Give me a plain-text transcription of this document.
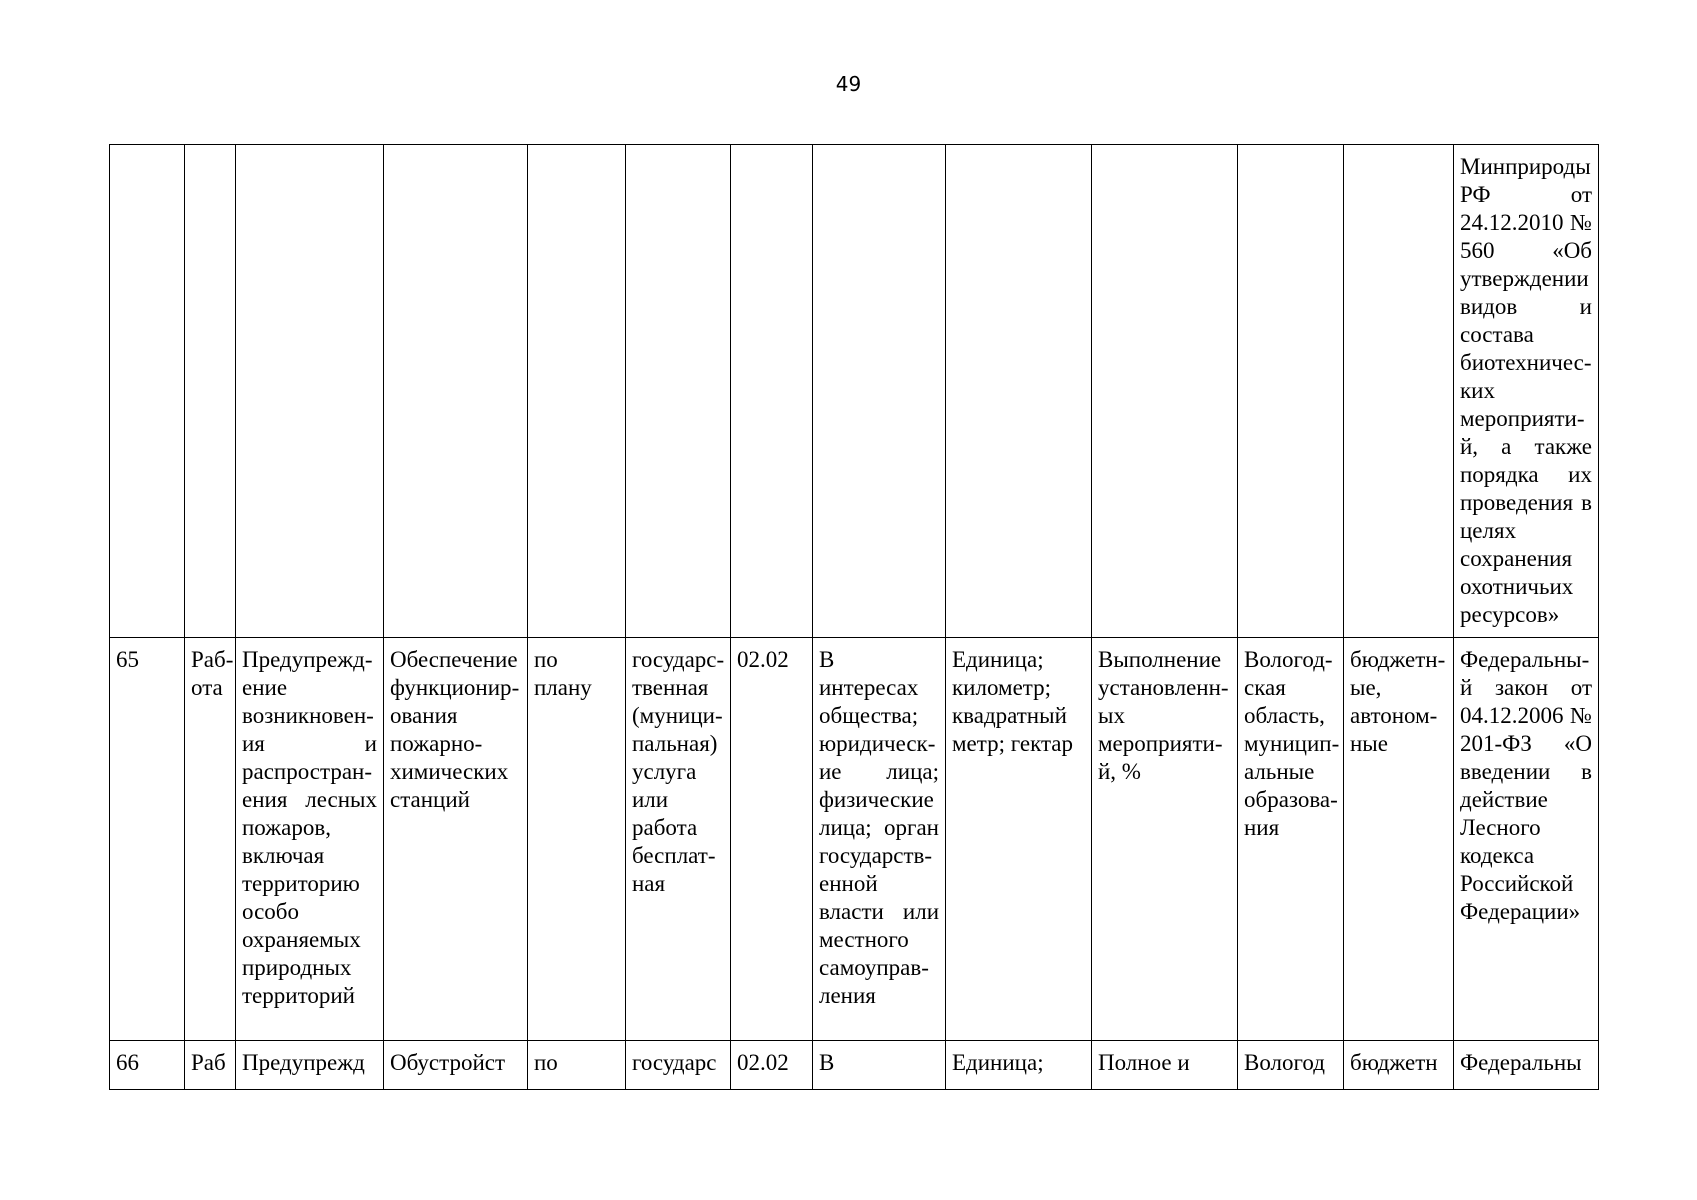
49
												Минприроды РФ от 24.12.2010 № 560 «Об утверждении видов и состава биотехнических мероприятий, а также порядка их проведения в целях сохранения охотничьих ресурсов»
65	Работа	Предупреждение возникновения и распространения лесных пожаров, включая территорию особо охраняемых природных территорий	Обеспечение функционирования пожарно-химических станций	по плану	государственная (муниципальная) услуга или работа бесплатная	02.02	В интересах общества; юридические лица; физические лица; орган государственной власти или местного самоуправления	Единица; километр; квадратный метр; гектар	Выполнение установленных мероприятий, %	Вологодская область, муниципальные образования	бюджетные, автономные	Федеральный закон от 04.12.2006 № 201-ФЗ «О введении в действие Лесного кодекса Российской Федерации»
66	Раб	Предупрежд	Обустройст	по	государс	02.02	В	Единица;	Полное и	Вологод	бюджетн	Федеральны
